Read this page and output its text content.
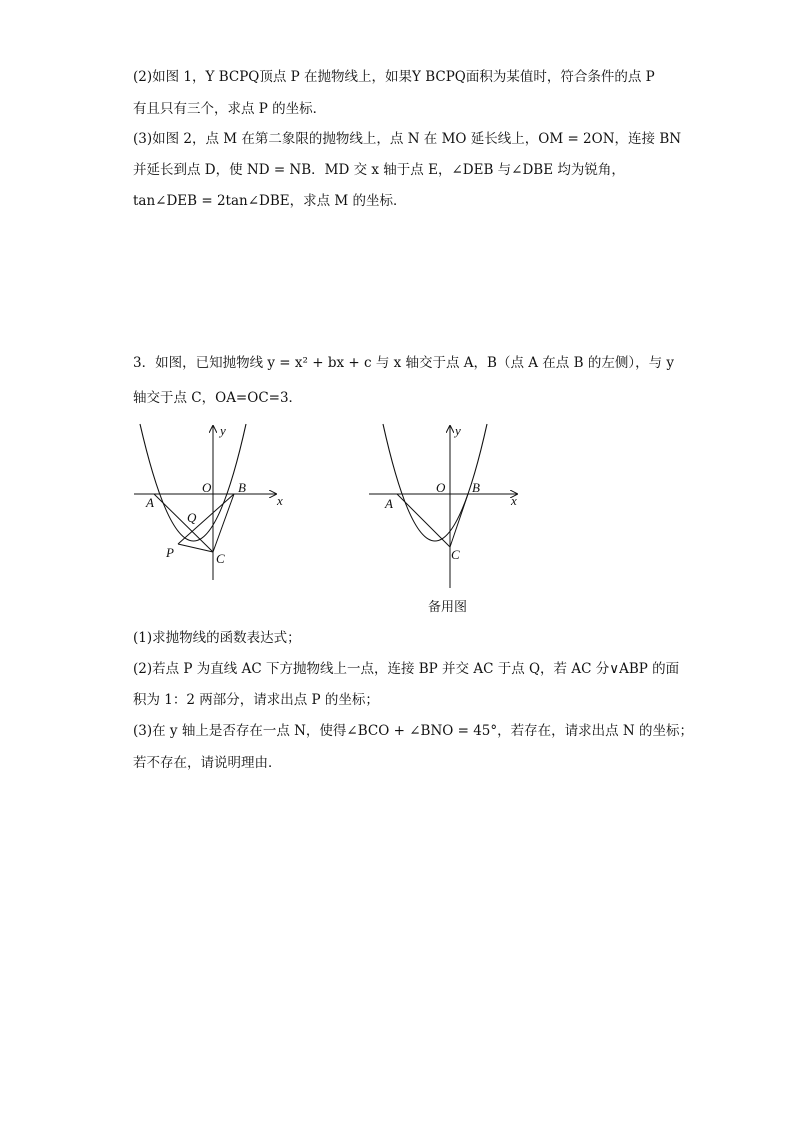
(2)如图 1，Y BCPQ顶点 P 在抛物线上，如果Y BCPQ面积为某值时，符合条件的点 P
有且只有三个，求点 P 的坐标．
(3)如图 2，点 M 在第二象限的抛物线上，点 N 在 MO 延长线上，OM = 2ON，连接 BN
并延长到点 D，使 ND = NB．MD 交 x 轴于点 E，∠DEB 与∠DBE 均为锐角，
tan∠DEB = 2tan∠DBE，求点 M 的坐标．
3．如图，已知抛物线 y = x² + bx + c 与 x 轴交于点 A，B（点 A 在点 B 的左侧），与 y
轴交于点 C，OA=OC=3．
y
x
O
A
B
Q
P	C
y
x
O
A
B
C
备用图
(1)求抛物线的函数表达式；
(2)若点 P 为直线 AC 下方抛物线上一点，连接 BP 并交 AC 于点 Q，若 AC 分∨ABP 的面
积为 1：2 两部分，请求出点 P 的坐标；
(3)在 y 轴上是否存在一点 N，使得∠BCO + ∠BNO = 45°，若存在，请求出点 N 的坐标；
若不存在，请说明理由．
